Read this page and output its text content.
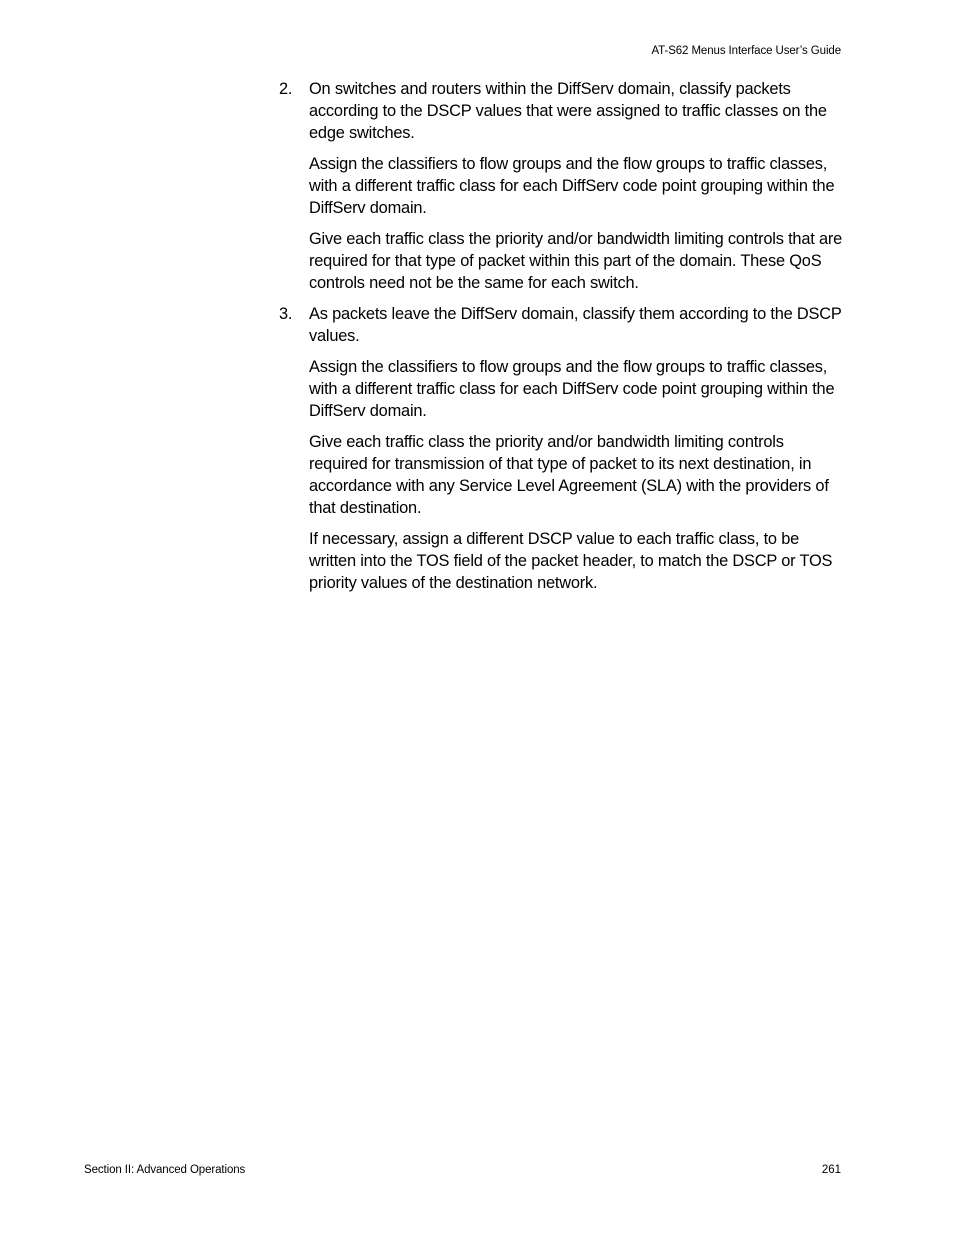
AT-S62 Menus Interface User’s Guide
2. On switches and routers within the DiffServ domain, classify packets according to the DSCP values that were assigned to traffic classes on the edge switches.

Assign the classifiers to flow groups and the flow groups to traffic classes, with a different traffic class for each DiffServ code point grouping within the DiffServ domain.

Give each traffic class the priority and/or bandwidth limiting controls that are required for that type of packet within this part of the domain. These QoS controls need not be the same for each switch.

3. As packets leave the DiffServ domain, classify them according to the DSCP values.

Assign the classifiers to flow groups and the flow groups to traffic classes, with a different traffic class for each DiffServ code point grouping within the DiffServ domain.

Give each traffic class the priority and/or bandwidth limiting controls required for transmission of that type of packet to its next destination, in accordance with any Service Level Agreement (SLA) with the providers of that destination.

If necessary, assign a different DSCP value to each traffic class, to be written into the TOS field of the packet header, to match the DSCP or TOS priority values of the destination network.

Section II: Advanced Operations	261
